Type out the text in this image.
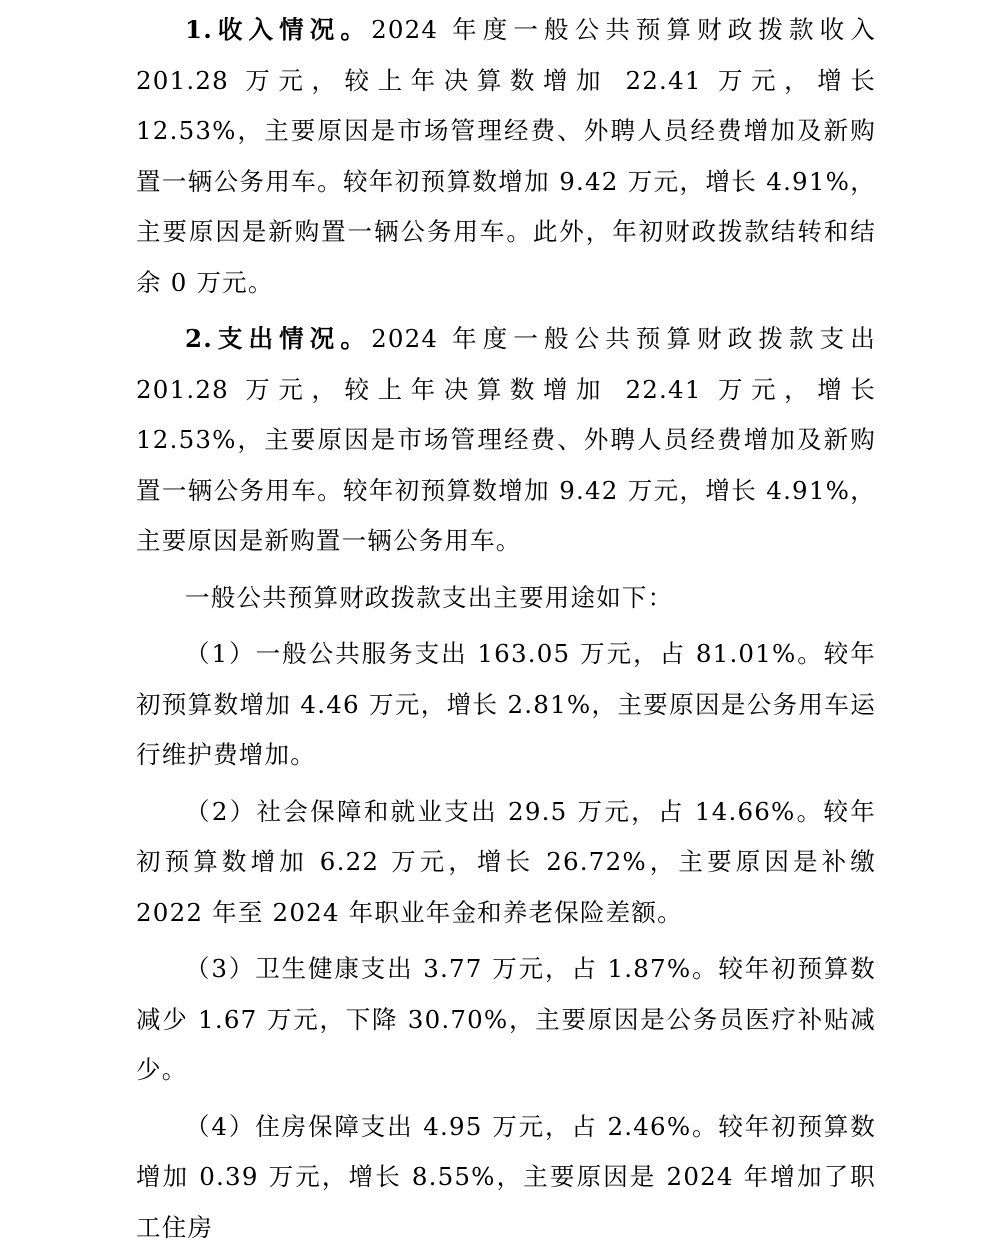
1.收入情况。2024 年度一般公共预算财政拨款收入 201.28 万元，较上年决算数增加 22.41 万元，增长 12.53%，主要原因是市场管理经费、外聘人员经费增加及新购置一辆公务用车。较年初预算数增加 9.42 万元，增长 4.91%，主要原因是新购置一辆公务用车。此外，年初财政拨款结转和结余 0 万元。

2.支出情况。2024 年度一般公共预算财政拨款支出 201.28 万元，较上年决算数增加 22.41 万元，增长 12.53%，主要原因是市场管理经费、外聘人员经费增加及新购置一辆公务用车。较年初预算数增加 9.42 万元，增长 4.91%，主要原因是新购置一辆公务用车。

一般公共预算财政拨款支出主要用途如下：

（1）一般公共服务支出 163.05 万元，占 81.01%。较年初预算数增加 4.46 万元，增长 2.81%，主要原因是公务用车运行维护费增加。

（2）社会保障和就业支出 29.5 万元，占 14.66%。较年初预算数增加 6.22 万元，增长 26.72%，主要原因是补缴 2022 年至 2024 年职业年金和养老保险差额。

（3）卫生健康支出 3.77 万元，占 1.87%。较年初预算数减少 1.67 万元，下降 30.70%，主要原因是公务员医疗补贴减少。

（4）住房保障支出 4.95 万元，占 2.46%。较年初预算数增加 0.39 万元，增长 8.55%，主要原因是 2024 年增加了职工住房
